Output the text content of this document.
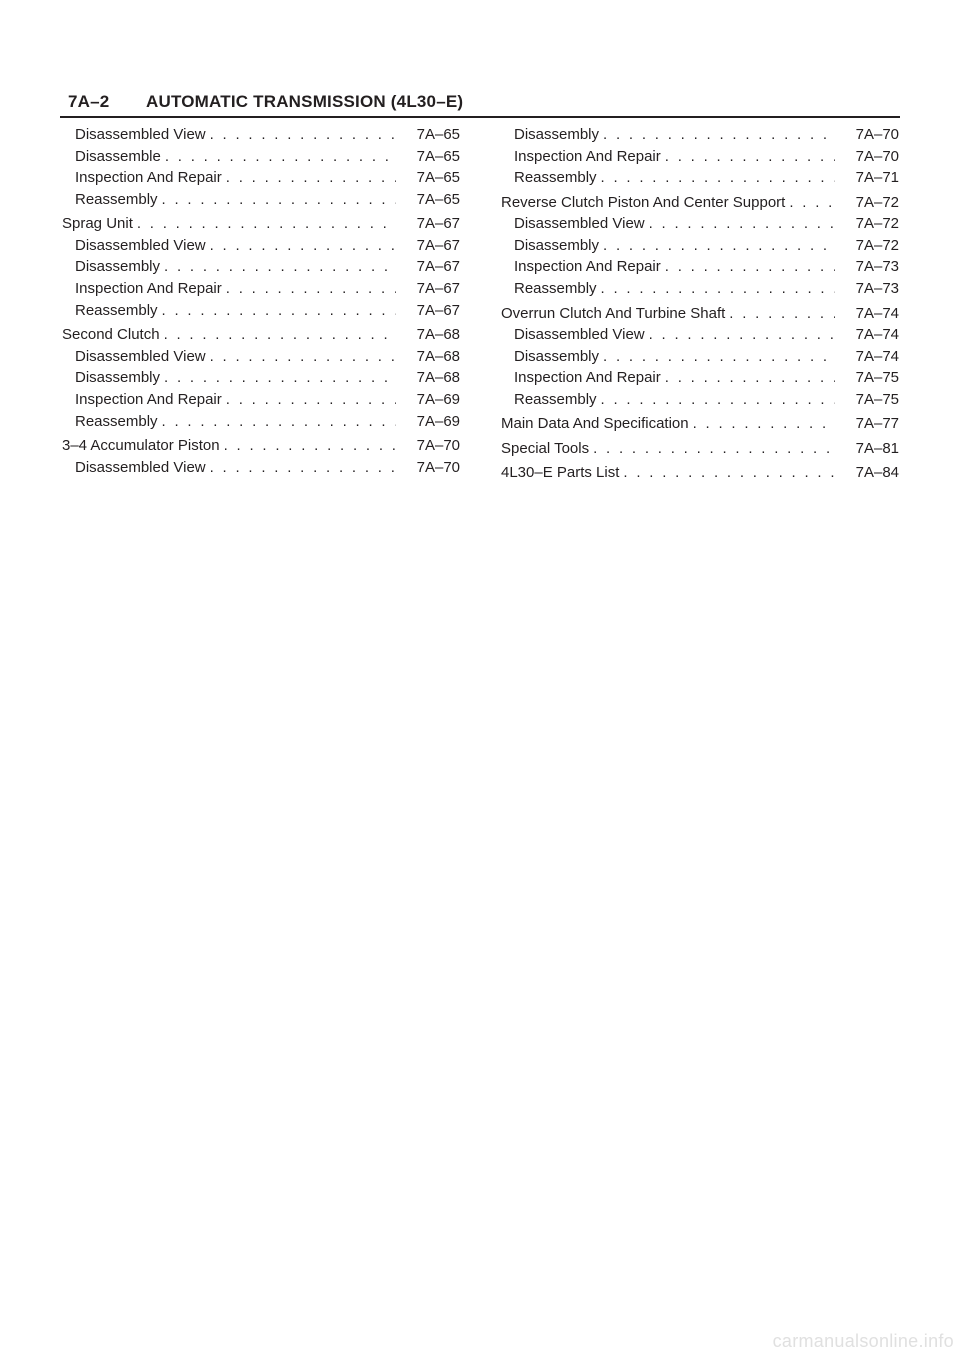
7A–2 AUTOMATIC TRANSMISSION (4L30–E)
Disassembled View . . .	7A–65
Disassemble . . .	7A–65
Inspection And Repair . . .	7A–65
Reassembly . . .	7A–65
Sprag Unit . . .	7A–67
Disassembled View . . .	7A–67
Disassembly . . .	7A–67
Inspection And Repair . . .	7A–67
Reassembly . . .	7A–67
Second Clutch . . .	7A–68
Disassembled View . . .	7A–68
Disassembly . . .	7A–68
Inspection And Repair . . .	7A–69
Reassembly . . .	7A–69
3–4 Accumulator Piston . . .	7A–70
Disassembled View . . .	7A–70
Disassembly . . .	7A–70
Inspection And Repair . . .	7A–70
Reassembly . . .	7A–71
Reverse Clutch Piston And Center Support . . .	7A–72
Disassembled View . . .	7A–72
Disassembly . . .	7A–72
Inspection And Repair . . .	7A–73
Reassembly . . .	7A–73
Overrun Clutch And Turbine Shaft . . .	7A–74
Disassembled View . . .	7A–74
Disassembly . . .	7A–74
Inspection And Repair . . .	7A–75
Reassembly . . .	7A–75
Main Data And Specification . . .	7A–77
Special Tools . . .	7A–81
4L30–E Parts List . . .	7A–84
carmanualsonline.info
